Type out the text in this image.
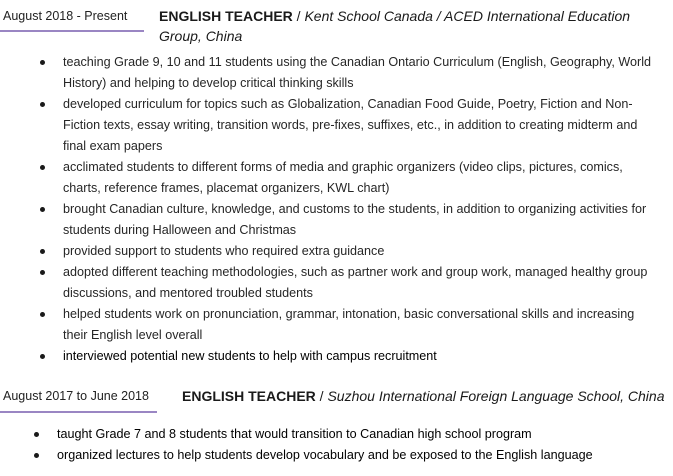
August 2018 - Present ENGLISH TEACHER / Kent School Canada / ACED International Education Group, China
teaching Grade 9, 10 and 11 students using the Canadian Ontario Curriculum (English, Geography, World History) and helping to develop critical thinking skills
developed curriculum for topics such as Globalization, Canadian Food Guide, Poetry, Fiction and Non-Fiction texts, essay writing, transition words, pre-fixes, suffixes, etc., in addition to creating midterm and final exam papers
acclimated students to different forms of media and graphic organizers (video clips, pictures, comics, charts, reference frames, placemat organizers, KWL chart)
brought Canadian culture, knowledge, and customs to the students, in addition to organizing activities for students during Halloween and Christmas
provided support to students who required extra guidance
adopted different teaching methodologies, such as partner work and group work, managed healthy group discussions, and mentored troubled students
helped students work on pronunciation, grammar, intonation, basic conversational skills and increasing their English level overall
interviewed potential new students to help with campus recruitment
August 2017 to June 2018 ENGLISH TEACHER / Suzhou International Foreign Language School, China
taught Grade 7 and 8 students that would transition to Canadian high school program
organized lectures to help students develop vocabulary and be exposed to the English language
